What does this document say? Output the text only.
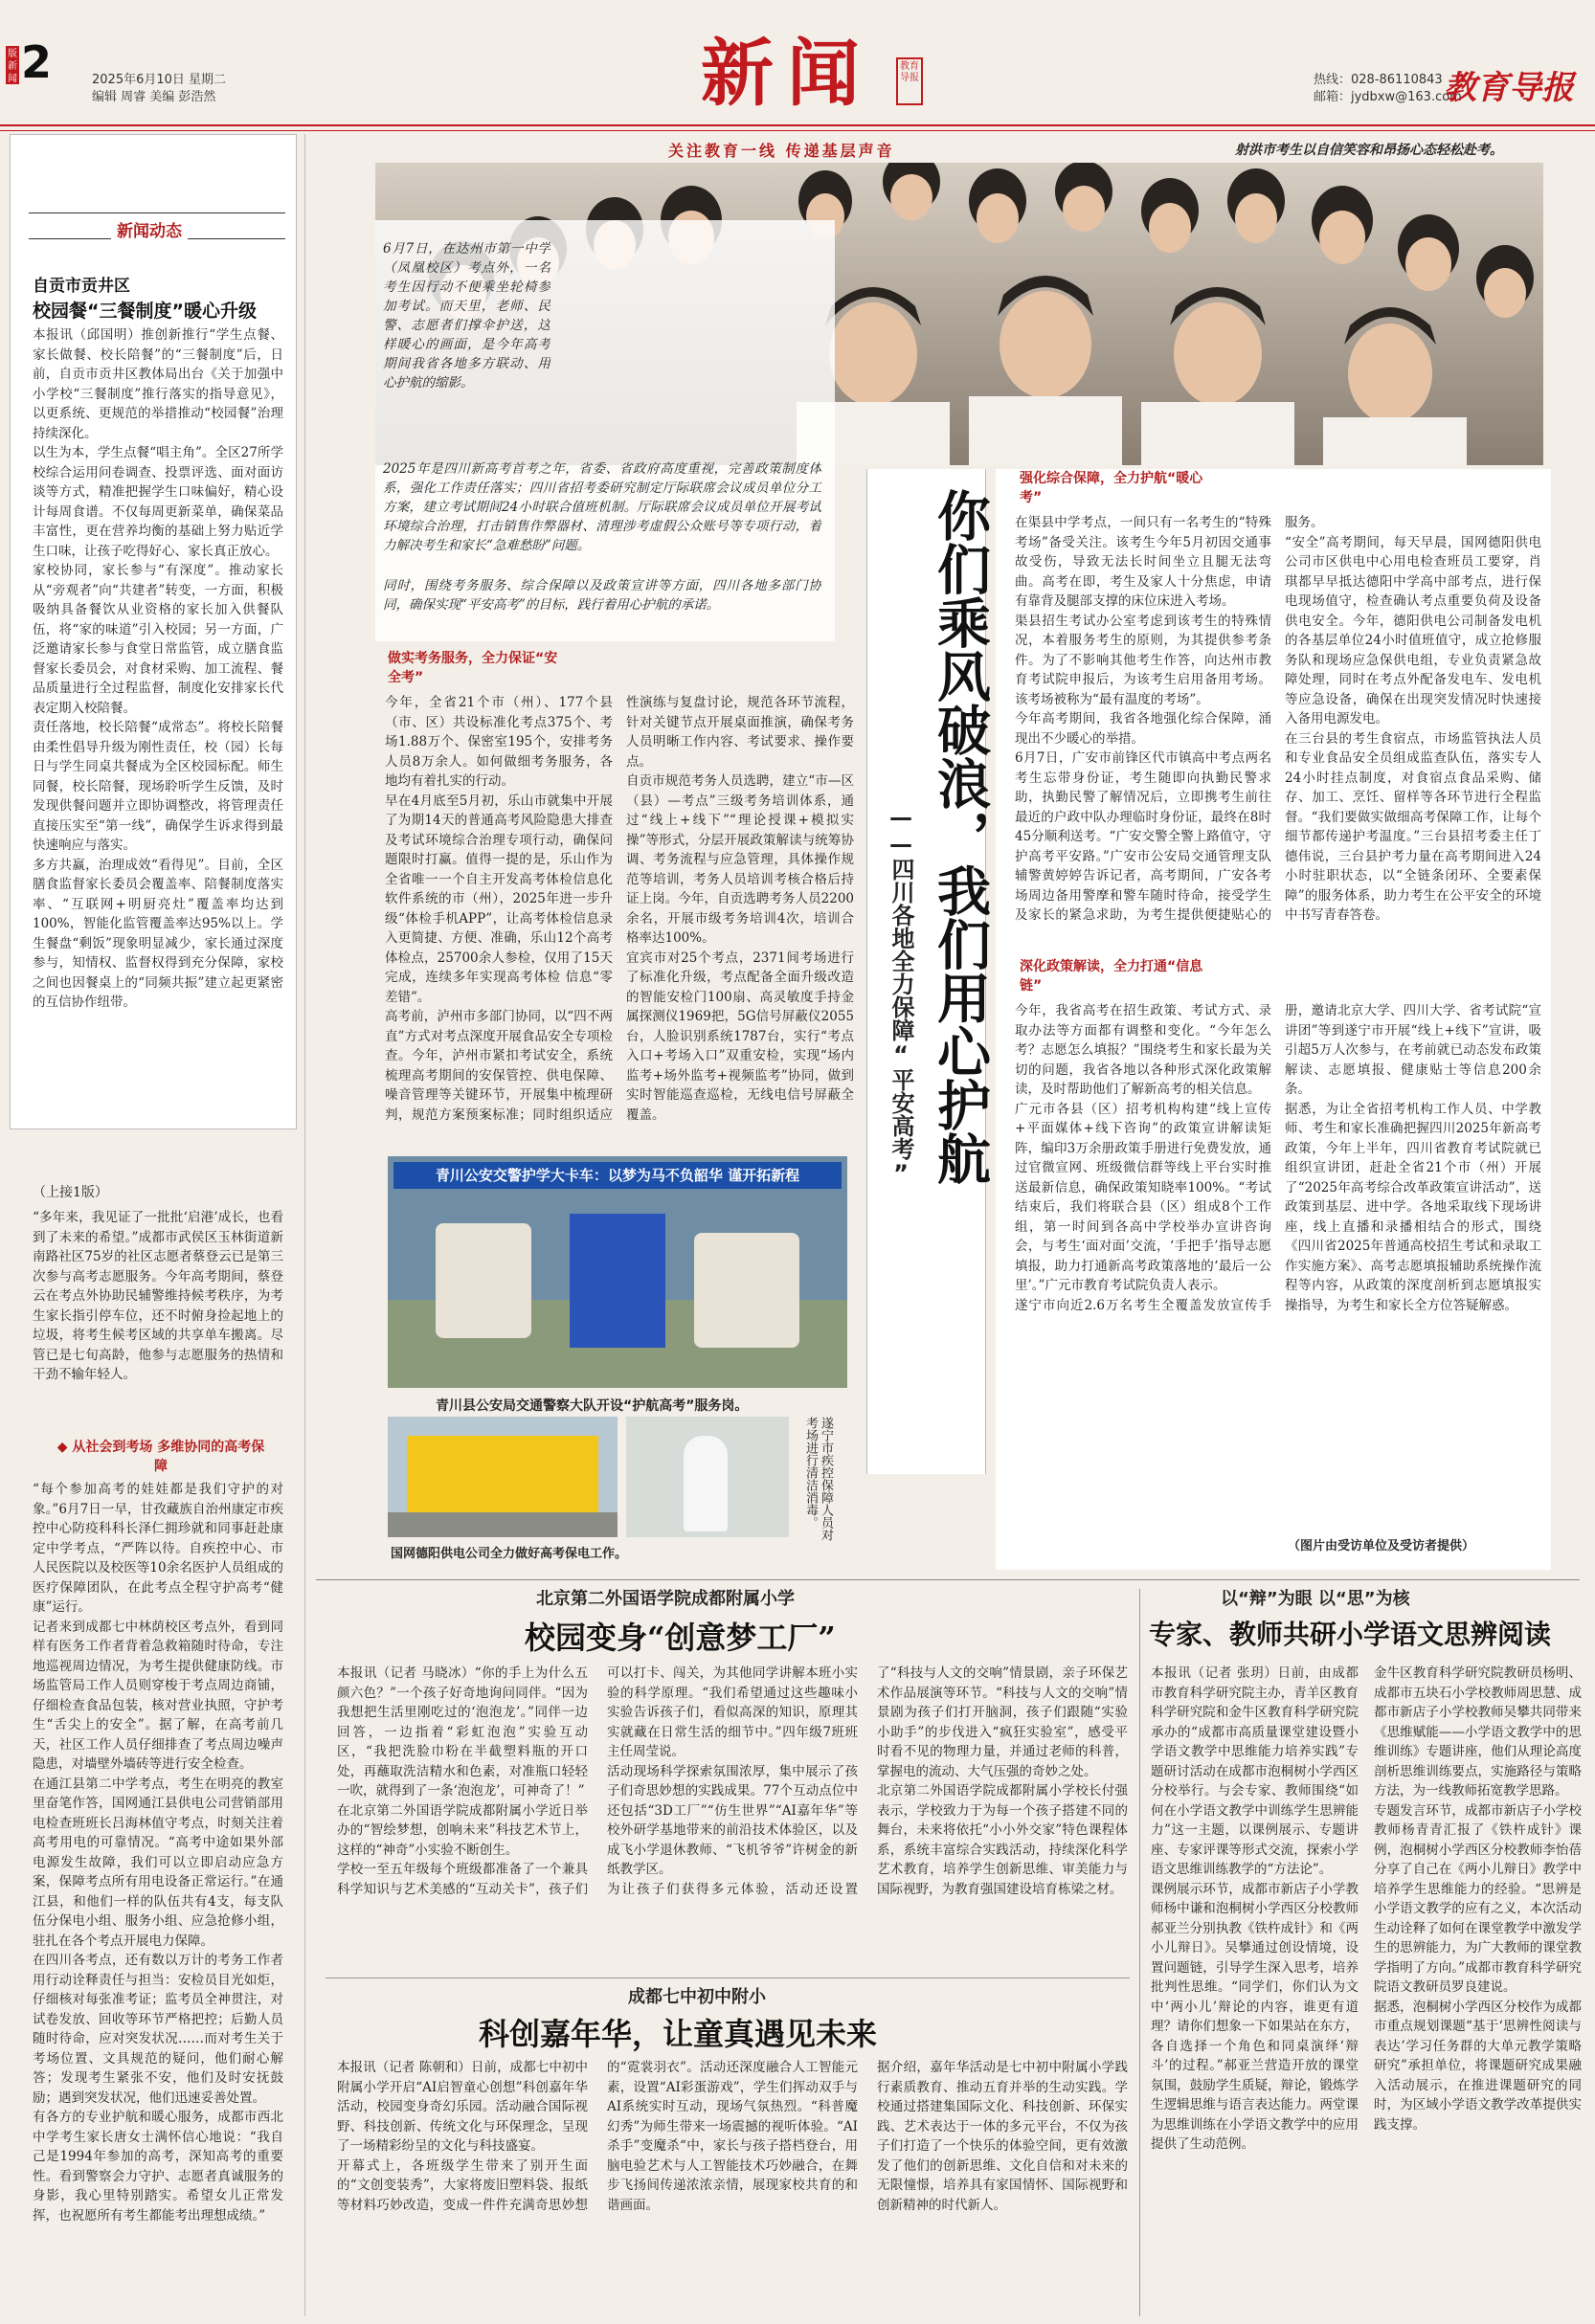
版
新
闻 2	2025年6月10日 星期二
编辑 周睿 美编 彭浩然	新闻	教育导报
关注教育一线 传递基层声音
热线：028-86110843
邮箱：jydbxw@163.com
教育导报
射洪市考生以自信笑容和昂扬心态轻松赴考。
新闻动态
自贡市贡井区
校园餐“三餐制度”暖心升级
本报讯（邱国明）推创新推行“学生点餐、家长做餐、校长陪餐”的“三餐制度”后，日前，自贡市贡井区教体局出台《关于加强中小学校“三餐制度”推行落实的指导意见》，以更系统、更规范的举措推动“校园餐”治理持续深化。
以生为本，学生点餐“唱主角”。全区27所学校综合运用问卷调查、投票评选、面对面访谈等方式，精准把握学生口味偏好，精心设计每周食谱。不仅每周更新菜单，确保菜品丰富性，更在营养均衡的基础上努力贴近学生口味，让孩子吃得好心、家长真正放心。
家校协同，家长参与“有深度”。推动家长从“旁观者”向“共建者”转变，一方面，积极吸纳具备餐饮从业资格的家长加入供餐队伍，将“家的味道”引入校园；另一方面，广泛邀请家长参与食堂日常监管，成立膳食监督家长委员会，对食材采购、加工流程、餐品质量进行全过程监督，制度化安排家长代表定期入校陪餐。
责任落地，校长陪餐“成常态”。将校长陪餐由柔性倡导升级为刚性责任，校（园）长每日与学生同桌共餐成为全区校园标配。师生同餐，校长陪餐，现场聆听学生反馈，及时发现供餐问题并立即协调整改，将管理责任直接压实至“第一线”，确保学生诉求得到最快速响应与落实。
多方共赢，治理成效“看得见”。目前，全区膳食监督家长委员会覆盖率、陪餐制度落实率、“互联网+明厨亮灶”覆盖率均达到100%，智能化监管覆盖率达95%以上。学生餐盘“剩饭”现象明显减少，家长通过深度参与，知情权、监督权得到充分保障，家校之间也因餐桌上的“同频共振”建立起更紧密的互信协作纽带。
（上接1版）
“多年来，我见证了一批批‘启港’成长，也看到了未来的希望。”成都市武侯区玉林街道新南路社区75岁的社区志愿者蔡登云已是第三次参与高考志愿服务。今年高考期间，蔡登云在考点外协助民辅警维持候考秩序，为考生家长指引停车位，还不时俯身捡起地上的垃圾，将考生候考区域的共享单车搬离。尽管已是七旬高龄，他参与志愿服务的热情和干劲不输年轻人。
◆ 从社会到考场 多维协同的高考保障
“每个参加高考的娃娃都是我们守护的对象。”6月7日一早，甘孜藏族自治州康定市疾控中心防疫科科长泽仁拥珍就和同事赶赴康定中学考点，“严阵以待。自疾控中心、市人民医院以及校医等10余名医护人员组成的医疗保障团队，在此考点全程守护高考“健康”运行。
记者来到成都七中林荫校区考点外，看到同样有医务工作者背着急救箱随时待命，专注地巡视周边情况，为考生提供健康防线。市场监管局工作人员则穿梭于考点周边商铺，仔细检查食品包装，核对营业执照，守护考生“舌尖上的安全”。据了解，在高考前几天，社区工作人员仔细排查了考点周边噪声隐患，对墙壁外墙砖等进行安全检查。
在通江县第二中学考点，考生在明亮的教室里奋笔作答，国网通江县供电公司营销部用电检查班班长吕海林值守考点，时刻关注着高考用电的可靠情况。“高考中途如果外部电源发生故障，我们可以立即启动应急方案，保障考点所有用电设备正常运行。”在通江县，和他们一样的队伍共有4支，每支队伍分保电小组、服务小组、应急抢修小组，驻扎在各个考点开展电力保障。
在四川各考点，还有数以万计的考务工作者用行动诠释责任与担当：安检员目光如炬，仔细核对每张准考证；监考员全神贯注，对试卷发放、回收等环节严格把控；后勤人员随时待命，应对突发状况……而对考生关于考场位置、文具规范的疑问，他们耐心解答；发现考生紧张不安，他们及时安抚鼓励；遇到突发状况，他们迅速妥善处置。
有各方的专业护航和暖心服务，成都市西北中学考生家长唐女士满怀信心地说：“我自己是1994年参加的高考，深知高考的重要性。看到警察会力守护、志愿者真诚服务的身影，我心里特别踏实。希望女儿正常发挥，也祝愿所有考生都能考出理想成绩。”
6月7日，在达州市第一中学（凤凰校区）考点外，一名考生因行动不便乘坐轮椅参加考试。而天里，老师、民警、志愿者们撑伞护送，这样暖心的画面，是今年高考期间我省各地多方联动、用心护航的缩影。
2025年是四川新高考首考之年，省委、省政府高度重视，完善政策制度体系，强化工作责任落实；四川省招考委研究制定厅际联席会议成员单位分工方案，建立考试期间24小时联合值班机制。厅际联席会议成员单位开展考试环境综合治理，打击销售作弊器材、清理涉考虚假公众账号等专项行动，着力解决考生和家长“急难愁盼”问题。
同时，围绕考务服务、综合保障以及政策宣讲等方面，四川各地多部门协同，确保实现“平安高考”的目标，践行着用心护航的承诺。	你们乘风破浪，我们用心护航
——四川各地全力保障“平安高考”
做实考务服务，全力保证“安全考”
今年，全省21个市（州）、177个县（市、区）共设标准化考点375个、考场1.88万个、保密室195个，安排考务人员8万余人。如何做细考务服务，各地均有着扎实的行动。
早在4月底至5月初，乐山市就集中开展了为期14天的普通高考风险隐患大排查及考试环境综合治理专项行动，确保问题限时打赢。值得一提的是，乐山作为全省唯一一个自主开发高考体检信息化软件系统的市（州），2025年进一步升级“体检手机APP”，让高考体检信息录入更简捷、方便、准确，乐山12个高考体检点，25700余人参检，仅用了15天完成，连续多年实现高考体检 信息“零差错”。
高考前，泸州市多部门协同，以“四不两直”方式对考点深度开展食品安全专项检查。今年，泸州市紧扣考试安全，系统梳理高考期间的安保管控、供电保障、噪音管理等关键环节，开展集中梳理研判，规范方案预案标准；同时组织适应性演练与复盘讨论，规范各环节流程，针对关键节点开展桌面推演，确保考务人员明晰工作内容、考试要求、操作要点。
自贡市规范考务人员选聘，建立“市—区（县）—考点”三级考务培训体系，通过“线上+线下”“理论授课+模拟实操”等形式，分层开展政策解读与统筹协调、考务流程与应急管理，具体操作规范等培训，考务人员培训考核合格后持证上岗。今年，自贡选聘考务人员2200余名，开展市级考务培训4次，培训合格率达100%。
宜宾市对25个考点，2371间考场进行了标准化升级，考点配备全面升级改造的智能安检门100扇、高灵敏度手持金属探测仪1969把，5G信号屏蔽仪2055台，人脸识别系统1787台，实行“考点入口+考场入口”双重安检，实现“场内监考+场外监考+视频监考”协同，做到实时智能巡查巡检，无线电信号屏蔽全覆盖。
青川公安交警护学大卡车：以梦为马不负韶华 谨开拓新程
青川县公安局交通警察大队开设“护航高考”服务岗。
遂宁市疾控保障人员对考场进行清洁消毒。
国网德阳供电公司全力做好高考保电工作。
强化综合保障，全力护航“暖心考”
在渠县中学考点，一间只有一名考生的“特殊考场”备受关注。该考生今年5月初因交通事故受伤，导致无法长时间坐立且腿无法弯曲。高考在即，考生及家人十分焦虑，申请有靠背及腿部支撑的床位床进入考场。
渠县招生考试办公室考虑到该考生的特殊情况，本着服务考生的原则，为其提供参考条件。为了不影响其他考生作答，向达州市教育考试院申报后，为该考生启用备用考场。该考场被称为“最有温度的考场”。
今年高考期间，我省各地强化综合保障，涌现出不少暖心的举措。
6月7日，广安市前锋区代市镇高中考点两名考生忘带身份证，考生随即向执勤民警求助，执勤民警了解情况后，立即携考生前往最近的户政中队办理临时身份证，最终在8时45分顺利送考。“广安交警全警上路值守，守护高考平安路。”广安市公安局交通管理支队辅警黄婷婷告诉记者，高考期间，广安各考场周边备用警摩和警车随时待命，接受学生及家长的紧急求助，为考生提供便捷贴心的服务。
“安全”高考期间，每天早晨，国网德阳供电公司市区供电中心用电检查班员工要穿，肖琪都早早抵达德阳中学高中部考点，进行保电现场值守，检查确认考点重要负荷及设备供电安全。今年，德阳供电公司制备发电机的各基层单位24小时值班值守，成立抢修服务队和现场应急保供电组，专业负责紧急故障处理，同时在考点外配备发电车、发电机等应急设备，确保在出现突发情况时快速接入备用电源发电。
在三台县的考生食宿点，市场监管执法人员和专业食品安全员组成监查队伍，落实专人24小时挂点制度，对食宿点食品采购、储存、加工、烹饪、留样等各环节进行全程监督。“我们要做实做细高考保障工作，让每个细节都传递护考温度。”三台县招考委主任丁德伟说，三台县护考力量在高考期间进入24小时驻职状态，以“全链条闭环、全要素保障”的服务体系，助力考生在公平安全的环境中书写青春答卷。
深化政策解读，全力打通“信息链”
今年，我省高考在招生政策、考试方式、录取办法等方面都有调整和变化。“今年怎么考？志愿怎么填报？”围绕考生和家长最为关切的问题，我省各地以各种形式深化政策解读，及时帮助他们了解新高考的相关信息。
广元市各县（区）招考机构构建“线上宣传+平面媒体+线下咨询”的政策宣讲解读矩阵，编印3万余册政策手册进行免费发放，通过官微宣网、班级微信群等线上平台实时推送最新信息，确保政策知晓率100%。“考试结束后，我们将联合县（区）组成8个工作组，第一时间到各高中学校举办宣讲咨询会，与考生‘面对面’交流，‘手把手’指导志愿填报，助力打通新高考政策落地的‘最后一公里’。”广元市教育考试院负责人表示。
遂宁市向近2.6万名考生全覆盖发放宣传手册，邀请北京大学、四川大学、省考试院“宣讲团”等到遂宁市开展“线上+线下”宣讲，吸引超5万人次参与，在考前就已动态发布政策解读、志愿填报、健康贴士等信息200余条。
据悉，为让全省招考机构工作人员、中学教师、考生和家长准确把握四川2025年新高考政策，今年上半年，四川省教育考试院就已组织宣讲团，赶赴全省21个市（州）开展了“2025年高考综合改革政策宣讲活动”，送政策到基层、进中学。各地采取线下现场讲座，线上直播和录播相结合的形式，围绕《四川省2025年普通高校招生考试和录取工作实施方案》、高考志愿填报辅助系统操作流程等内容，从政策的深度剖析到志愿填报实操指导，为考生和家长全方位答疑解惑。
（图片由受访单位及受访者提供）
北京第二外国语学院成都附属小学
校园变身“创意梦工厂”
本报讯（记者 马晓冰）“你的手上为什么五颜六色？”一个孩子好奇地询问同伴。“因为我想把生活里刚吃过的‘泡泡龙’。”同伴一边回答，一边指着“彩虹泡泡”实验互动区，“我把洗脸巾粉在半截塑料瓶的开口处，再蘸取洗洁精水和色素，对准瓶口轻轻一吹，就得到了一条‘泡泡龙’，可神奇了！”
在北京第二外国语学院成都附属小学近日举办的“智绘梦想，创响未来”科技艺术节上，这样的“神奇”小实验不断创生。
学校一至五年级每个班级都准备了一个兼具科学知识与艺术美感的“互动关卡”，孩子们可以打卡、闯关，为其他同学讲解本班小实验的科学原理。“我们希望通过这些趣味小实验告诉孩子们，看似高深的知识，原理其实就藏在日常生活的细节中。”四年级7班班主任周莹说。
活动现场科学探索氛围浓厚，集中展示了孩子们奇思妙想的实践成果。77个互动点位中还包括“3D工厂”“仿生世界”“AI嘉年华”等校外研学基地带来的前沿技术体验区，以及成飞小学退休教师、“飞机爷爷”许树金的新纸教学区。
为让孩子们获得多元体验，活动还设置了“科技与人文的交响”情景剧，亲子环保艺术作品展演等环节。“科技与人文的交响”情景剧为孩子们打开脑洞，孩子们跟随“实验小助手”的步伐进入“疯狂实验室”，感受平时看不见的物理力量，并通过老师的科普，掌握电的流动、大气压强的奇妙之处。
北京第二外国语学院成都附属小学校长付强表示，学校致力于为每一个孩子搭建不同的舞台，未来将依托“小小外交家”特色课程体系，系统丰富综合实践活动，持续深化科学艺术教育，培养学生创新思维、审美能力与国际视野，为教育强国建设培育栋梁之材。
成都七中初中附小
科创嘉年华，让童真遇见未来
本报讯（记者 陈朝和）日前，成都七中初中附属小学开启“AI启智童心创想”科创嘉年华活动，校园变身奇幻乐园。活动融合国际视野、科技创新、传统文化与环保理念，呈现了一场精彩纷呈的文化与科技盛宴。
开幕式上，各班级学生带来了别开生面的“文创变装秀”，大家将废旧塑料袋、报纸等材料巧妙改造，变成一件件充满奇思妙想的“霓裳羽衣”。活动还深度融合人工智能元素，设置“AI彩蛋游戏”，学生们挥动双手与AI系统实时互动，现场气氛热烈。“科普魔幻秀”为师生带来一场震撼的视听体验。“AI杀手”变魔杀“中，家长与孩子搭档登台，用脑电验艺术与人工智能技术巧妙融合，在舞步飞扬间传递浓浓亲情，展现家校共育的和谐画面。
据介绍，嘉年华活动是七中初中附属小学践行素质教育、推动五育并举的生动实践。学校通过搭建集国际文化、科技创新、环保实践、艺术表达于一体的多元平台，不仅为孩子们打造了一个快乐的体验空间，更有效激发了他们的创新思维、文化自信和对未来的无限憧憬，培养具有家国情怀、国际视野和创新精神的时代新人。
以“辩”为眼 以“思”为核
专家、教师共研小学语文思辨阅读
本报讯（记者 张玥）日前，由成都市教育科学研究院主办，青羊区教育科学研究院和金牛区教育科学研究院承办的“成都市高质量课堂建设暨小学语文教学中思维能力培养实践”专题研讨活动在成都市泡桐树小学西区分校举行。与会专家、教师围绕“如何在小学语文教学中训练学生思辨能力”这一主题，以课例展示、专题讲座、专家评课等形式交流，探索小学语文思维训练教学的“方法论”。
课例展示环节，成都市新店子小学教师杨中谦和泡桐树小学西区分校教师郝亚兰分别执教《铁杵成针》和《两小儿辩日》。吴攀通过创设情境，设置问题链，引导学生深入思考，培养批判性思维。“同学们，你们认为文中‘两小儿’辩论的内容，谁更有道理？请你们想象一下如果站在东方，各自选择一个角色和同桌演绎‘辩斗’的过程。”郝亚兰营造开放的课堂氛围，鼓励学生质疑，辩论，锻炼学生逻辑思维与语言表达能力。两堂课为思维训练在小学语文教学中的应用提供了生动范例。
金牛区教育科学研究院教研员杨明、成都市五块石小学校教师周思慧、成都市新店子小学校教师吴攀共同带来《思维赋能——小学语文教学中的思维训练》专题讲座，他们从理论高度剖析思维训练要点，实施路径与策略方法，为一线教师拓宽教学思路。
专题发言环节，成都市新店子小学校教师杨青青汇报了《铁杵成针》课例，泡桐树小学西区分校教师李怡蓓分享了自己在《两小儿辩日》教学中培养学生思维能力的经验。“思辨是小学语文教学的应有之义，本次活动生动诠释了如何在课堂教学中激发学生的思辨能力，为广大教师的课堂教学指明了方向。”成都市教育科学研究院语文教研员罗良建说。
据悉，泡桐树小学西区分校作为成都市重点规划课题“基于‘思辨性阅读与表达’学习任务群的大单元教学策略研究”承担单位，将课题研究成果融入活动展示，在推进课题研究的同时，为区域小学语文教学改革提供实践支撑。
